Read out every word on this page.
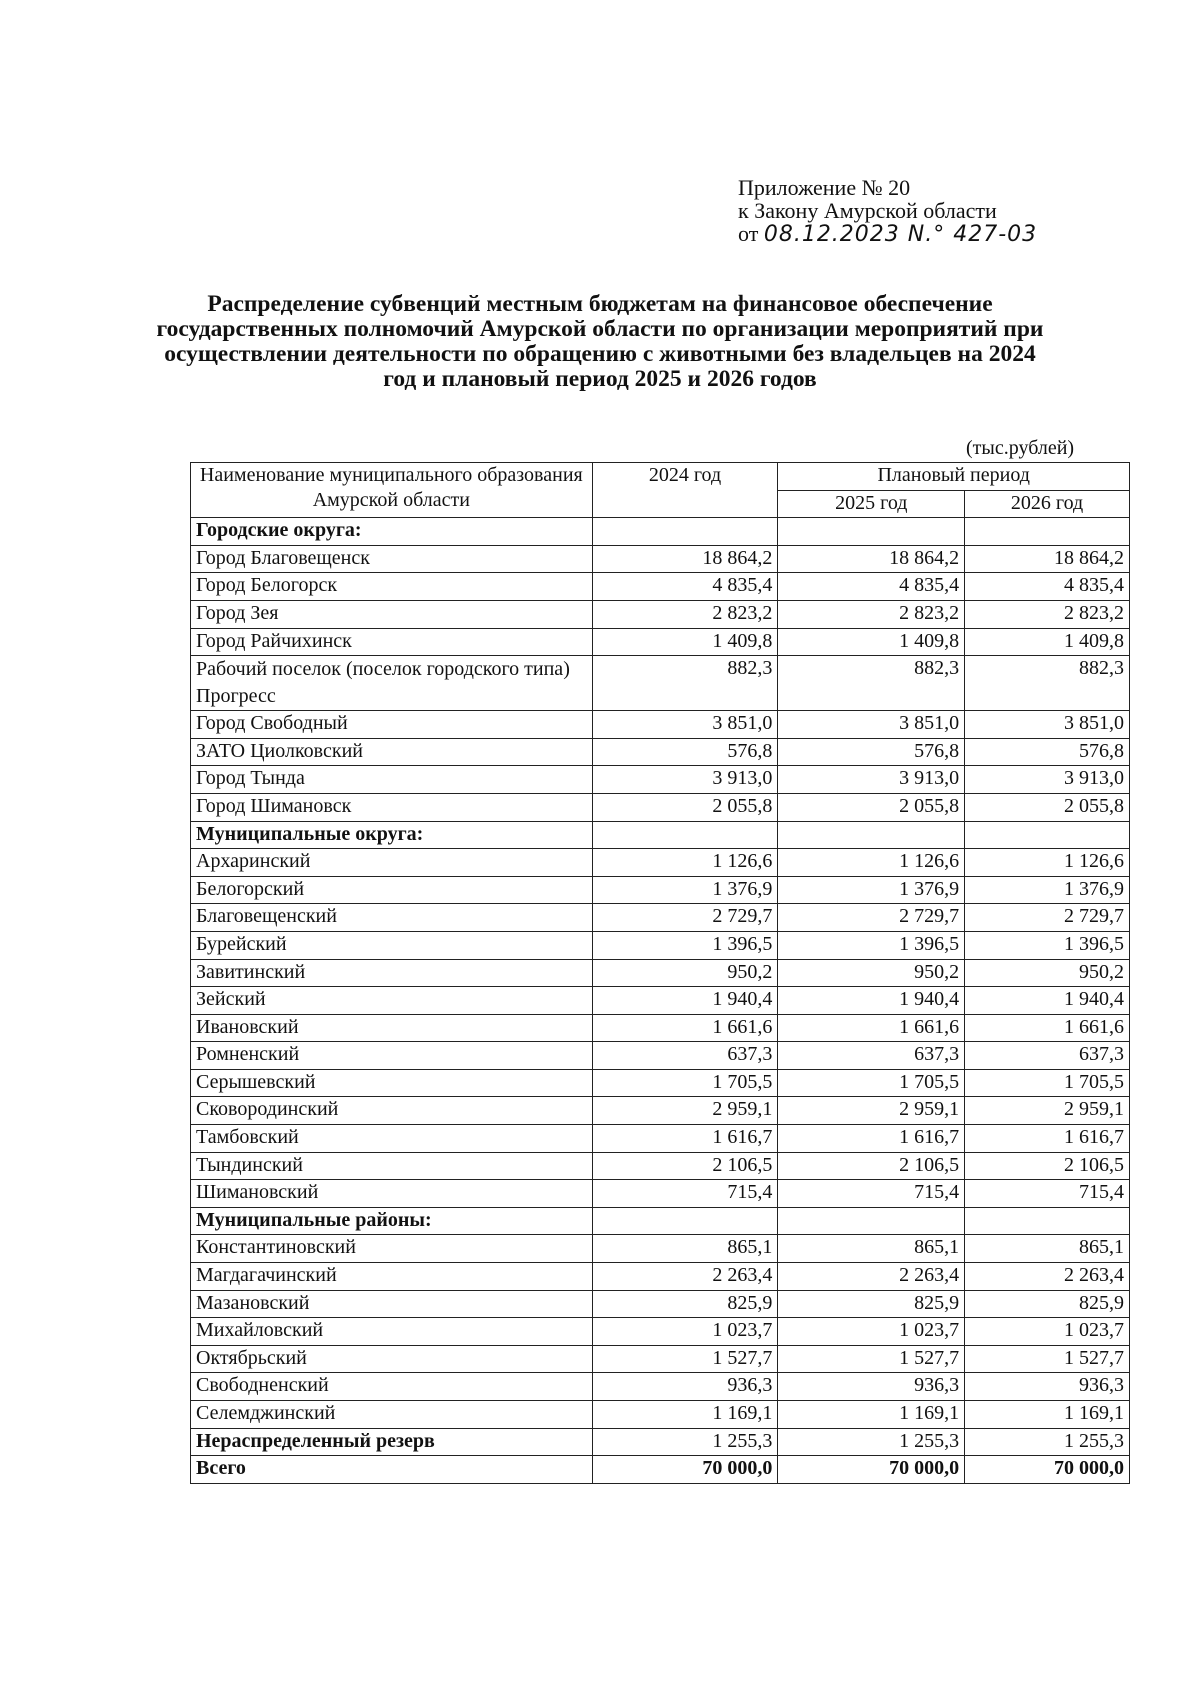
Приложение № 20
к Закону Амурской области
от 08.12.2023 N.° 427-03
Распределение субвенций местным бюджетам на финансовое обеспечение государственных полномочий Амурской области по организации мероприятий при осуществлении деятельности по обращению с животными без владельцев на 2024 год и плановый период 2025 и 2026 годов
(тыс.рублей)
Наименование муниципального образования Амурской области	2024 год	Плановый период	
		2025 год	2026 год
Городские округа:			
Город Благовещенск	18 864,2	18 864,2	18 864,2
Город Белогорск	4 835,4	4 835,4	4 835,4
Город Зея	2 823,2	2 823,2	2 823,2
Город Райчихинск	1 409,8	1 409,8	1 409,8
Рабочий поселок (поселок городского типа) Прогресс	882,3	882,3	882,3
Город Свободный	3 851,0	3 851,0	3 851,0
ЗАТО Циолковский	576,8	576,8	576,8
Город Тында	3 913,0	3 913,0	3 913,0
Город Шимановск	2 055,8	2 055,8	2 055,8
Муниципальные округа:			
Архаринский	1 126,6	1 126,6	1 126,6
Белогорский	1 376,9	1 376,9	1 376,9
Благовещенский	2 729,7	2 729,7	2 729,7
Бурейский	1 396,5	1 396,5	1 396,5
Завитинский	950,2	950,2	950,2
Зейский	1 940,4	1 940,4	1 940,4
Ивановский	1 661,6	1 661,6	1 661,6
Ромненский	637,3	637,3	637,3
Серышевский	1 705,5	1 705,5	1 705,5
Сковородинский	2 959,1	2 959,1	2 959,1
Тамбовский	1 616,7	1 616,7	1 616,7
Тындинский	2 106,5	2 106,5	2 106,5
Шимановский	715,4	715,4	715,4
Муниципальные районы:			
Константиновский	865,1	865,1	865,1
Магдагачинский	2 263,4	2 263,4	2 263,4
Мазановский	825,9	825,9	825,9
Михайловский	1 023,7	1 023,7	1 023,7
Октябрьский	1 527,7	1 527,7	1 527,7
Свободненский	936,3	936,3	936,3
Селемджинский	1 169,1	1 169,1	1 169,1
Нераспределенный резерв	1 255,3	1 255,3	1 255,3
Всего	70 000,0	70 000,0	70 000,0
